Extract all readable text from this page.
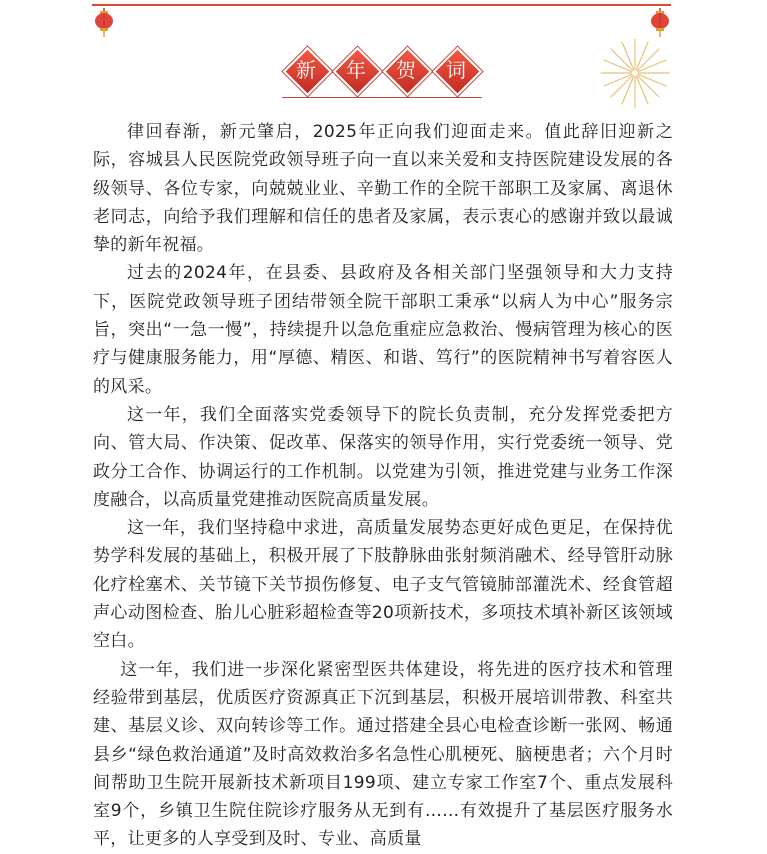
新	年	贺	词

律回春渐，新元肇启，2025年正向我们迎面走来。值此辞旧迎新之际，容城县人民医院党政领导班子向一直以来关爱和支持医院建设发展的各级领导、各位专家，向兢兢业业、辛勤工作的全院干部职工及家属、离退休老同志，向给予我们理解和信任的患者及家属，表示衷心的感谢并致以最诚挚的新年祝福。

过去的2024年，在县委、县政府及各相关部门坚强领导和大力支持下，医院党政领导班子团结带领全院干部职工秉承“以病人为中心”服务宗旨，突出“一急一慢”，持续提升以急危重症应急救治、慢病管理为核心的医疗与健康服务能力，用“厚德、精医、和谐、笃行”的医院精神书写着容医人的风采。

这一年，我们全面落实党委领导下的院长负责制，充分发挥党委把方向、管大局、作决策、促改革、保落实的领导作用，实行党委统一领导、党政分工合作、协调运行的工作机制。以党建为引领，推进党建与业务工作深度融合，以高质量党建推动医院高质量发展。

这一年，我们坚持稳中求进，高质量发展势态更好成色更足，在保持优势学科发展的基础上，积极开展了下肢静脉曲张射频消融术、经导管肝动脉化疗栓塞术、关节镜下关节损伤修复、电子支气管镜肺部灌洗术、经食管超声心动图检查、胎儿心脏彩超检查等20项新技术，多项技术填补新区该领域空白。

这一年，我们进一步深化紧密型医共体建设，将先进的医疗技术和管理经验带到基层，优质医疗资源真正下沉到基层，积极开展培训带教、科室共建、基层义诊、双向转诊等工作。通过搭建全县心电检查诊断一张网、畅通县乡“绿色救治通道”及时高效救治多名急性心肌梗死、脑梗患者；六个月时间帮助卫生院开展新技术新项目199项、建立专家工作室7个、重点发展科室9个，乡镇卫生院住院诊疗服务从无到有……有效提升了基层医疗服务水平，让更多的人享受到及时、专业、高质量
